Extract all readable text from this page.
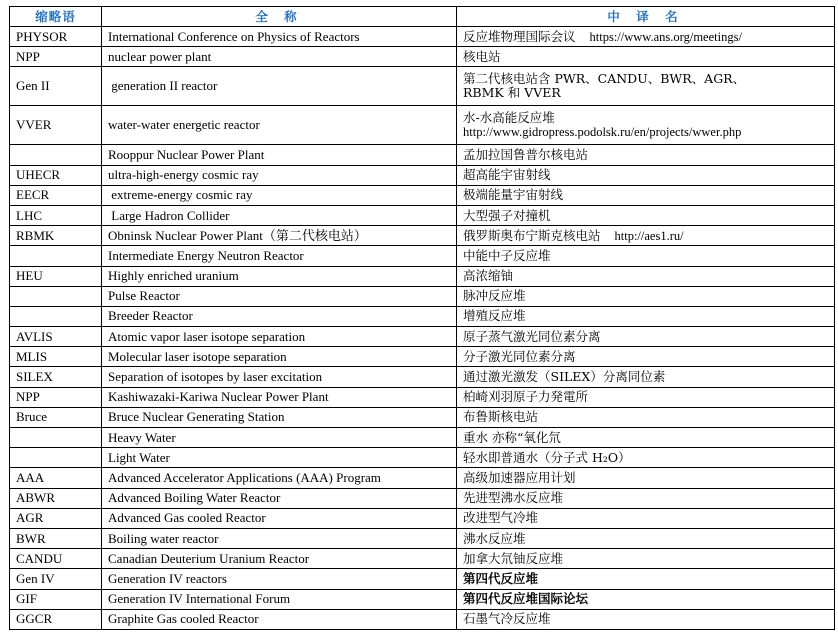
缩略语	全 称	中 译 名
PHYSOR	International Conference on Physics of Reactors	反应堆物理国际会议 https://www.ans.org/meetings/
NPP	nuclear power plant	核电站
Gen II	generation II reactor	第二代核电站含 PWR、CANDU、BWR、AGR、
RBMK 和 VVER

VVER	water-water energetic reactor	水-水高能反应堆
http://www.gidropress.podolsk.ru/en/projects/wwer.php

	Rooppur Nuclear Power Plant	孟加拉国鲁普尔核电站
UHECR	ultra-high-energy cosmic ray	超高能宇宙射线
EECR	extreme-energy cosmic ray	极端能量宇宙射线
LHC	Large Hadron Collider	大型强子对撞机
RBMK	Obninsk Nuclear Power Plant（第二代核电站）	俄罗斯奥布宁斯克核电站 http://aes1.ru/
	Intermediate Energy Neutron Reactor	中能中子反应堆
HEU	Highly enriched uranium	高浓缩铀
	Pulse Reactor	脉冲反应堆
	Breeder Reactor	增殖反应堆
AVLIS	Atomic vapor laser isotope separation	原子蒸气激光同位素分离
MLIS	Molecular laser isotope separation	分子激光同位素分离
SILEX	Separation of isotopes by laser excitation	通过激光激发（SILEX）分离同位素
NPP	Kashiwazaki-Kariwa Nuclear Power Plant	柏崎刈羽原子力発電所
Bruce	Bruce Nuclear Generating Station	布鲁斯核电站
	Heavy Water	重水 亦称“氧化氘
	Light Water	轻水即普通水（分子式 H₂O）
AAA	Advanced Accelerator Applications (AAA) Program	高级加速器应用计划
ABWR	Advanced Boiling Water Reactor	先进型沸水反应堆
AGR	Advanced Gas cooled Reactor	改进型气冷堆
BWR	Boiling water reactor	沸水反应堆
CANDU	Canadian Deuterium Uranium Reactor	加拿大氘铀反应堆
Gen IV	Generation IV reactors	第四代反应堆
GIF	Generation IV International Forum	第四代反应堆国际论坛
GGCR	Graphite Gas cooled Reactor	石墨气冷反应堆
